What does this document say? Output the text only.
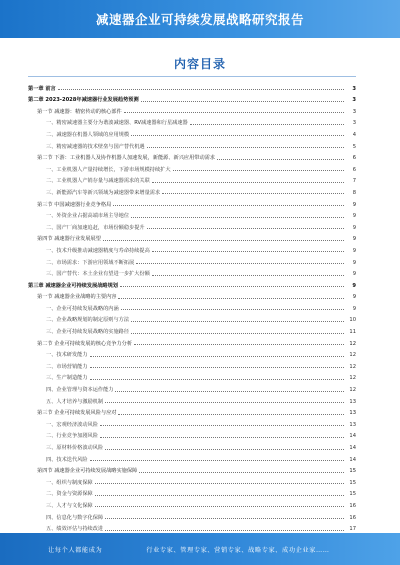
减速器企业可持续发展战略研究报告
内容目录
第一章 前言	3
第二章 2023-2028年减速器行业发展趋势预测	3
第一节 减速器：精密传动的核心部件	3
一、精密减速器主要分为谐波减速器、RV减速器和行星减速器	3
二、减速器在机器人领域的应用规模	4
三、精密减速器的技术壁垒与国产替代机遇	5
第二节 下游：工业机器人及协作机器人加速发展，新能源、新兴应用带动需求	6
一、工业机器人产量持续增长，下游市场规模持续扩大	6
二、工业机器人产销存量与减速器需求的关联	7
三、新能源汽车等新兴领域为减速器带来增量需求	8
第三节 中国减速器行业竞争格局	9
一、外资企业占据高端市场主导地位	9
二、国产厂商加速追赶，市场份额稳步提升	9
第四节 减速器行业发展展望	9
一、技术升级推动减速器精度与寿命持续提高	9
二、市场需求：下游应用领域不断拓展	9
三、国产替代：本土企业有望进一步扩大份额	9
第三章 减速器企业可持续发展战略规划	9
第一节 减速器企业战略的主要内容	9
一、企业可持续发展战略的内涵	9
二、企业战略规划的制定原则与方法	10
三、企业可持续发展战略的实施路径	11
第二节 企业可持续发展的核心竞争力分析	12
一、技术研发能力	12
二、市场营销能力	12
三、生产制造能力	12
四、企业管理与资本运作能力	12
五、人才培养与激励机制	13
第三节 企业可持续发展风险与应对	13
一、宏观经济波动风险	13
二、行业竞争加剧风险	14
三、原材料价格波动风险	14
四、技术迭代风险	14
第四节 减速器企业可持续发展战略实施保障	15
一、组织与制度保障	15
二、资金与资源保障	15
三、人才与文化保障	16
四、信息化与数字化保障	16
五、绩效评估与持续改进	17
让每个人都能成为	行业专家、管理专家、营销专家、战略专家、成功企业家……
